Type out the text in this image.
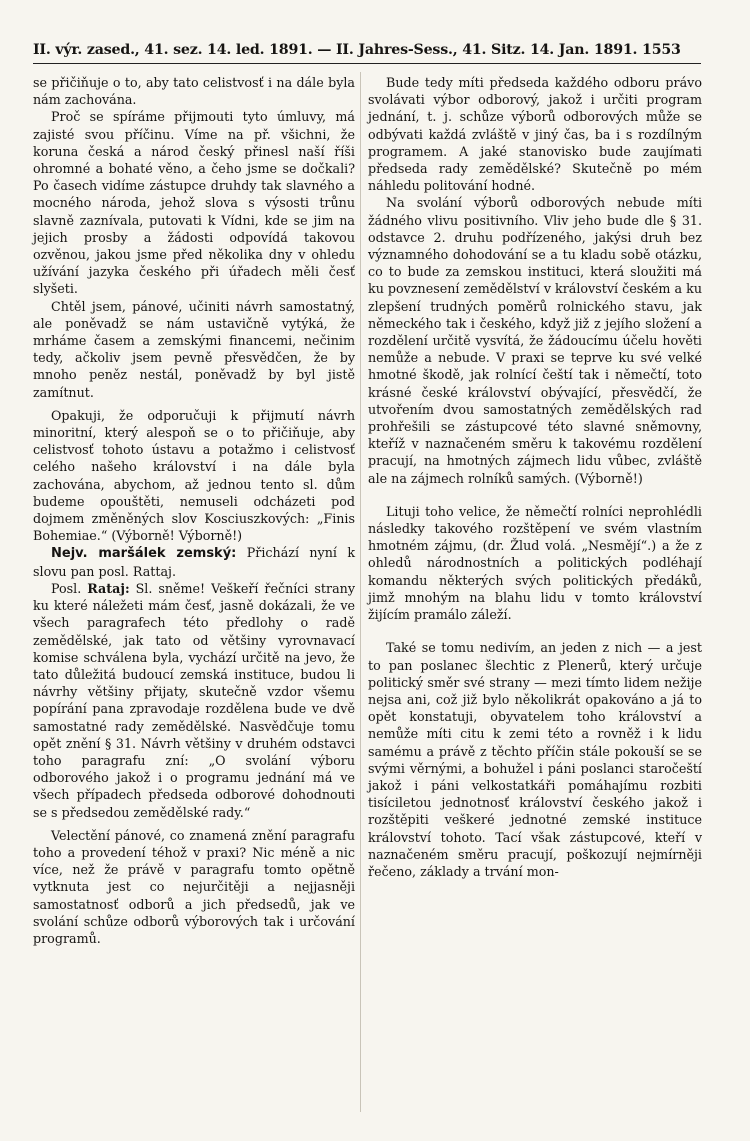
II. výr. zased., 41. sez. 14. led. 1891. — II. Jahres-Sess., 41. Sitz. 14. Jan. 1891. 1553

se přičiňuje o to, aby tato celistvosť i na dále byla nám zachována.

Proč se spíráme přijmouti tyto úmluvy, má zajisté svou příčinu. Víme na př. všichni, že koruna česká a národ český přinesl naší říši ohromné a bohaté věno, a čeho jsme se dočkali? Po časech vidíme zástupce druhdy tak slavného a mocného národa, jehož slova s výsosti trůnu slavně zaznívala, putovati k Vídni, kde se jim na jejich prosby a žádosti odpovídá takovou ozvěnou, jakou jsme před několika dny v ohledu užívání jazyka českého při úřadech měli česť slyšeti.

Chtěl jsem, pánové, učiniti návrh samostatný, ale poněvadž se nám ustavičně vytýká, že mrháme časem a zemskými financemi, nečinim tedy, ačkoliv jsem pevně přesvědčen, že by mnoho peněz nestál, poněvadž by byl jistě zamítnut.

Opakuji, že odporučuji k přijmutí návrh minoritní, který alespoň se o to přičiňuje, aby celistvosť tohoto ústavu a potažmo i celistvosť celého našeho království i na dále byla zachována, abychom, až jednou tento sl. dům budeme opouštěti, nemuseli odcházeti pod dojmem změněných slov Kosciuszkových: „Finis Bohemiae.“ (Výborně! Výborně!)

Nejv. maršálek zemský: Přichází nyní k slovu pan posl. Rattaj.

Posl. Rataj: Sl. sněme! Veškeří řečníci strany ku které náležeti mám česť, jasně dokázali, že ve všech paragrafech této předlohy o radě zemědělské, jak tato od většiny vyrovnavací komise schválena byla, vychází určitě na jevo, že tato důležitá budoucí zemská instituce, budou li návrhy většiny přijaty, skutečně vzdor všemu popírání pana zpravodaje rozdělena bude ve dvě samostatné rady zemědělské. Nasvědčuje tomu opět znění § 31. Návrh většiny v druhém odstavci toho paragrafu zní: „O svolání výboru odborového jakož i o programu jednání má ve všech případech předseda odborové dohodnouti se s předsedou zemědělské rady.“

Velectění pánové, co znamená znění paragrafu toho a provedení téhož v praxi? Nic méně a nic více, než že právě v paragrafu tomto opětně vytknuta jest co nejurčitěji a nejjasněji samostatnosť odborů a jich předsedů, jak ve svolání schůze odborů výborových tak i určování programů.

Bude tedy míti předseda každého odboru právo svolávati výbor odborový, jakož i určiti program jednání, t. j. schůze výborů odborových může se odbývati každá zvláště v jiný čas, ba i s rozdílným programem. A jaké stanovisko bude zaujímati předseda rady zemědělské? Skutečně po mém náhledu politování hodné.

Na svolání výborů odborových nebude míti žádného vlivu positivního. Vliv jeho bude dle § 31. odstavce 2. druhu podřízeného, jakýsi druh bez významného dohodování se a tu kladu sobě otázku, co to bude za zemskou instituci, která sloužiti má ku povznesení zemědělství v království českém a ku zlepšení trudných poměrů rolnického stavu, jak německého tak i českého, když již z jejího složení a rozdělení určitě vysvítá, že žádoucímu účelu hověti nemůže a nebude. V praxi se teprve ku své velké hmotné škodě, jak rolnící čeští tak i němečtí, toto krásné české království obývající, přesvědčí, že utvořením dvou samostatných zemědělských rad prohřešili se zástupcové této slavné sněmovny, kteříž v naznačeném směru k takovému rozdělení pracují, na hmotných zájmech lidu vůbec, zvláště ale na zájmech rolníků samých. (Výborně!)

Lituji toho velice, že němečtí rolníci neprohlédli následky takového rozštěpení ve svém vlastním hmotném zájmu, (dr. Žlud volá. „Nesmějí“.) a že z ohledů národnostních a politických podléhají komandu některých svých politických předáků, jimž mnohým na blahu lidu v tomto království žijícím pramálo záleží.

Také se tomu nedivím, an jeden z nich — a jest to pan poslanec šlechtic z Plenerů, který určuje politický směr své strany — mezi tímto lidem nežije nejsa ani, což již bylo několikrát opakováno a já to opět konstatuji, obyvatelem toho království a nemůže míti citu k zemi této a rovněž i k lidu samému a právě z těchto příčin stále pokouší se se svými věrnými, a bohužel i páni poslanci staročeští jakož i páni velkostatkáři pomáhajímu rozbiti tisíciletou jednotnosť království českého jakož i rozštěpiti veškeré jednotné zemské instituce království tohoto. Tací však zástupcové, kteří v naznačeném směru pracují, poškozují nejmírněji řečeno, základy a trvání mon-
